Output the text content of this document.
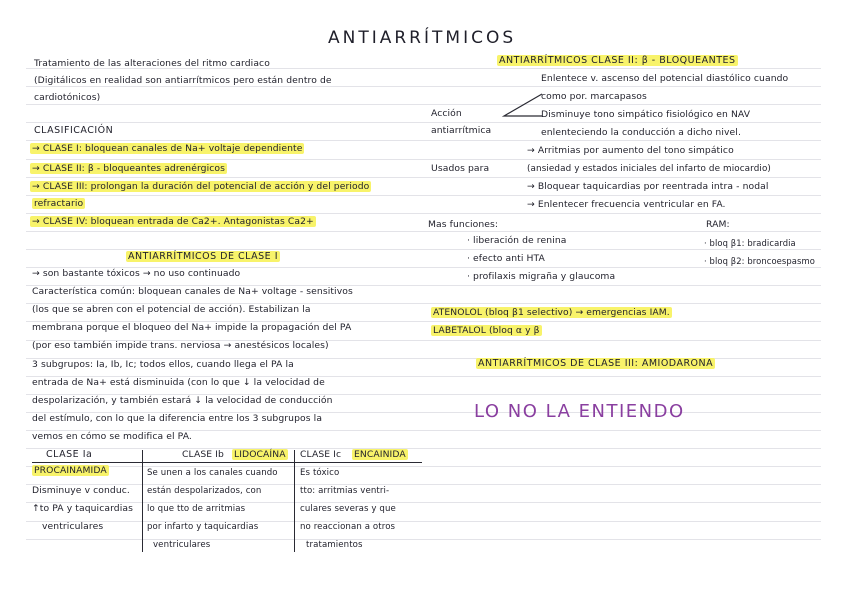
ANTIARRÍTMICOS
Tratamiento de las alteraciones del ritmo cardiaco
(Digitálicos en realidad son antiarrítmicos pero están dentro de
cardiotónicos)
CLASIFICACIÓN
→ CLASE I: bloquean canales de Na+ voltaje dependiente
→ CLASE II: β - bloqueantes adrenérgicos
→ CLASE III: prolongan la duración del potencial de acción y del periodo
refractario
→ CLASE IV: bloquean entrada de Ca2+. Antagonistas Ca2+
ANTIARRÍTMICOS DE CLASE I
→ son bastante tóxicos → no uso continuado
Característica común: bloquean canales de Na+ voltage - sensitivos
(los que se abren con el potencial de acción). Estabilizan la
membrana porque el bloqueo del Na+ impide la propagación del PA
(por eso también impide trans. nerviosa → anestésicos locales)
3 subgrupos: Ia, Ib, Ic; todos ellos, cuando llega el PA la
entrada de Na+ está disminuida (con lo que ↓ la velocidad de
despolarización, y también estará ↓ la velocidad de conducción
del estímulo, con lo que la diferencia entre los 3 subgrupos la
vemos en cómo se modifica el PA.
CLASE Ia
PROCAINAMIDA
Disminuye v conduc.
↑to PA y taquicardias
ventriculares
CLASE Ib LIDOCAÍNA
Se unen a los canales cuando
están despolarizados, con
lo que tto de arritmias
por infarto y taquicardias
ventriculares
CLASE Ic ENCAINIDA
Es tóxico
tto: arritmias ventri-
culares severas y que
no reaccionan a otros
tratamientos
ANTIARRÍTMICOS CLASE II: β - BLOQUEANTES
Acción
antiarrítmica
Enlentece v. ascenso del potencial diastólico cuando
como por. marcapasos
Disminuye tono simpático fisiológico en NAV
enlenteciendo la conducción a dicho nivel.
Usados para
→ Arritmias por aumento del tono simpático
(ansiedad y estados iniciales del infarto de miocardio)
→ Bloquear taquicardias por reentrada intra - nodal
→ Enlentecer frecuencia ventricular en FA.
Mas funciones:
· liberación de renina
· efecto anti HTA
· profilaxis migraña y glaucoma
RAM:
· bloq β1: bradicardia
· bloq β2: broncoespasmo
ATENOLOL (bloq β1 selectivo) → emergencias IAM.
LABETALOL (bloq α y β
ANTIARRÍTMICOS DE CLASE III: AMIODARONA
LO NO LA ENTIENDO
